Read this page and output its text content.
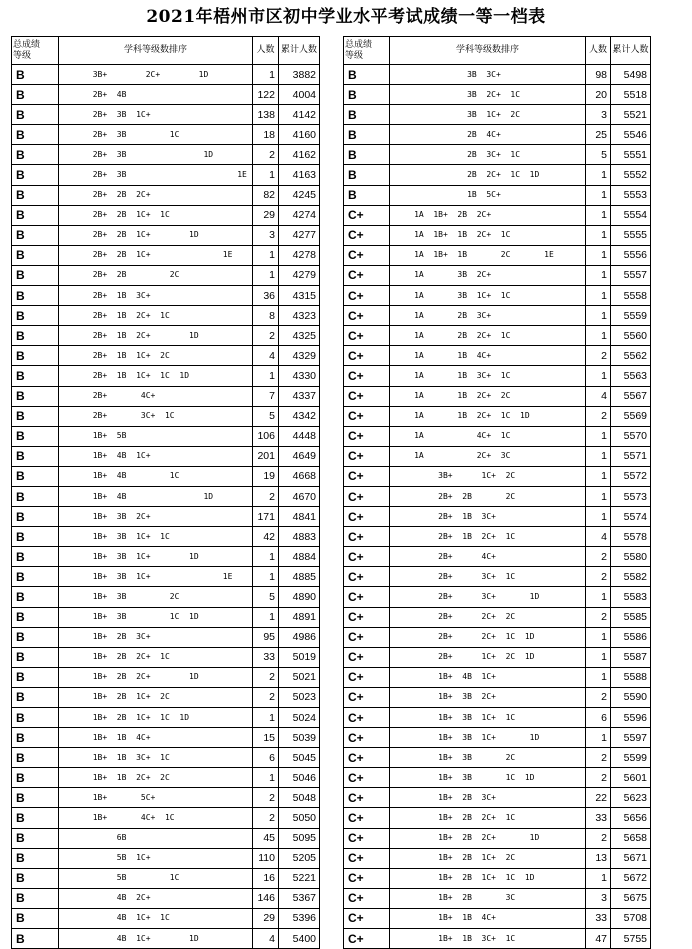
2021年梧州市区初中学业水平考试成绩一等一档表
总成绩
等级	学科等级数排序	人数	累计人数
B	3B+        2C+        1D	1	3882
B	2B+  4B	122	4004
B	2B+  3B  1C+	138	4142
B	2B+  3B         1C	18	4160
B	2B+  3B                1D	2	4162
B	2B+  3B                       1E	1	4163
B	2B+  2B  2C+	82	4245
B	2B+  2B  1C+  1C	29	4274
B	2B+  2B  1C+        1D	3	4277
B	2B+  2B  1C+               1E	1	4278
B	2B+  2B         2C	1	4279
B	2B+  1B  3C+	36	4315
B	2B+  1B  2C+  1C	8	4323
B	2B+  1B  2C+        1D	2	4325
B	2B+  1B  1C+  2C	4	4329
B	2B+  1B  1C+  1C  1D	1	4330
B	2B+       4C+	7	4337
B	2B+       3C+  1C	5	4342
B	1B+  5B	106	4448
B	1B+  4B  1C+	201	4649
B	1B+  4B         1C	19	4668
B	1B+  4B                1D	2	4670
B	1B+  3B  2C+	171	4841
B	1B+  3B  1C+  1C	42	4883
B	1B+  3B  1C+        1D	1	4884
B	1B+  3B  1C+               1E	1	4885
B	1B+  3B         2C	5	4890
B	1B+  3B         1C  1D	1	4891
B	1B+  2B  3C+	95	4986
B	1B+  2B  2C+  1C	33	5019
B	1B+  2B  2C+        1D	2	5021
B	1B+  2B  1C+  2C	2	5023
B	1B+  2B  1C+  1C  1D	1	5024
B	1B+  1B  4C+	15	5039
B	1B+  1B  3C+  1C	6	5045
B	1B+  1B  2C+  2C	1	5046
B	1B+       5C+	2	5048
B	1B+       4C+  1C	2	5050
B	6B	45	5095
B	5B  1C+	110	5205
B	5B         1C	16	5221
B	4B  2C+	146	5367
B	4B  1C+  1C	29	5396
B	4B  1C+        1D	4	5400
总成绩
等级	学科等级数排序	人数	累计人数
B	3B  3C+	98	5498
B	3B  2C+  1C	20	5518
B	3B  1C+  2C	3	5521
B	2B  4C+	25	5546
B	2B  3C+  1C	5	5551
B	2B  2C+  1C  1D	1	5552
B	1B  5C+	1	5553
C+	1A  1B+  2B  2C+	1	5554
C+	1A  1B+  1B  2C+  1C	1	5555
C+	1A  1B+  1B       2C       1E	1	5556
C+	1A       3B  2C+	1	5557
C+	1A       3B  1C+  1C	1	5558
C+	1A       2B  3C+	1	5559
C+	1A       2B  2C+  1C	1	5560
C+	1A       1B  4C+	2	5562
C+	1A       1B  3C+  1C	1	5563
C+	1A       1B  2C+  2C	4	5567
C+	1A       1B  2C+  1C  1D	2	5569
C+	1A           4C+  1C	1	5570
C+	1A           2C+  3C	1	5571
C+	3B+      1C+  2C	1	5572
C+	2B+  2B       2C	1	5573
C+	2B+  1B  3C+	1	5574
C+	2B+  1B  2C+  1C	4	5578
C+	2B+      4C+	2	5580
C+	2B+      3C+  1C	2	5582
C+	2B+      3C+       1D	1	5583
C+	2B+      2C+  2C	2	5585
C+	2B+      2C+  1C  1D	1	5586
C+	2B+      1C+  2C  1D	1	5587
C+	1B+  4B  1C+	1	5588
C+	1B+  3B  2C+	2	5590
C+	1B+  3B  1C+  1C	6	5596
C+	1B+  3B  1C+       1D	1	5597
C+	1B+  3B       2C	2	5599
C+	1B+  3B       1C  1D	2	5601
C+	1B+  2B  3C+	22	5623
C+	1B+  2B  2C+  1C	33	5656
C+	1B+  2B  2C+       1D	2	5658
C+	1B+  2B  1C+  2C	13	5671
C+	1B+  2B  1C+  1C  1D	1	5672
C+	1B+  2B       3C	3	5675
C+	1B+  1B  4C+	33	5708
C+	1B+  1B  3C+  1C	47	5755
